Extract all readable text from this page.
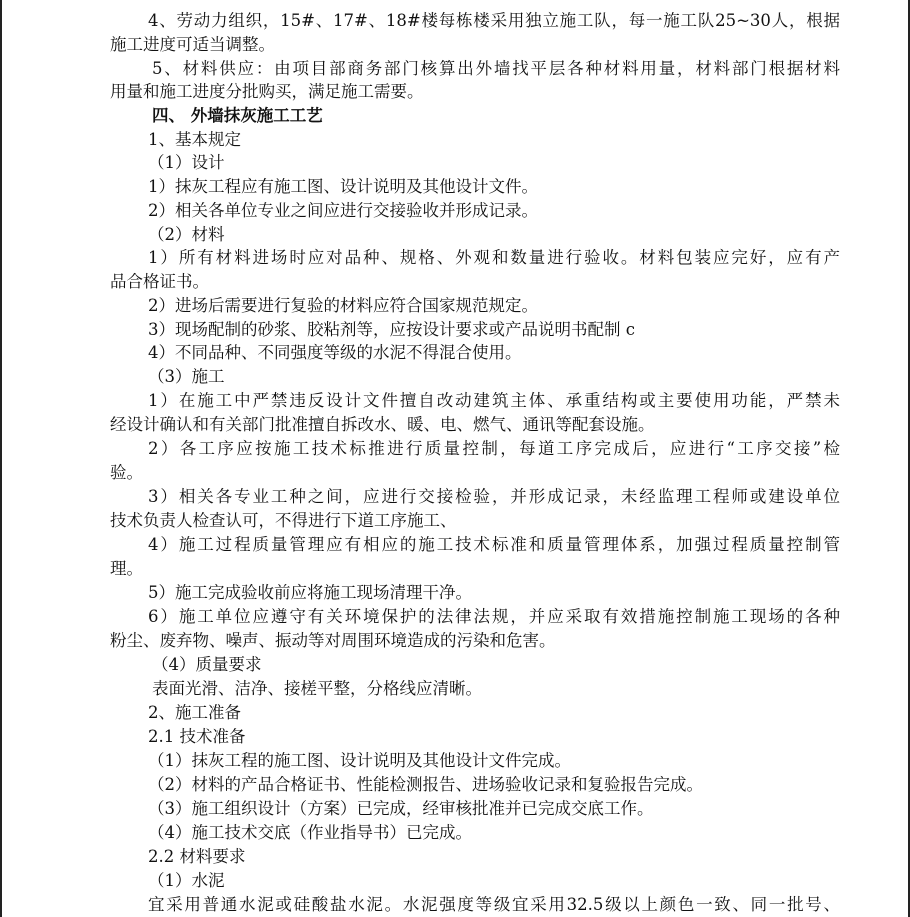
4、劳动力组织，15#、17#、18#楼每栋楼采用独立施工队，每一施工队25~30人，根据
施工进度可适当调整。
5、材料供应：由项目部商务部门核算出外墙找平层各种材料用量，材料部门根据材料
用量和施工进度分批购买，满足施工需要。
四、 外墙抹灰施工工艺
1、基本规定
（1）设计
1）抹灰工程应有施工图、设计说明及其他设计文件。
2）相关各单位专业之间应进行交接验收并形成记录。
（2）材料
1）所有材料进场时应对品种、规格、外观和数量进行验收。材料包装应完好，应有产
品合格证书。
2）进场后需要进行复验的材料应符合国家规范规定。
3）现场配制的砂浆、胶粘剂等，应按设计要求或产品说明书配制 c
4）不同品种、不同强度等级的水泥不得混合使用。
（3）施工
1）在施工中严禁违反设计文件擅自改动建筑主体、承重结构或主要使用功能，严禁未
经设计确认和有关部门批准擅自拆改水、暖、电、燃气、通讯等配套设施。
2）各工序应按施工技术标推进行质量控制，每道工序完成后，应进行“工序交接”检
验。
3）相关各专业工种之间，应进行交接检验，并形成记录，未经监理工程师或建设单位
技术负责人检查认可，不得进行下道工序施工、
4）施工过程质量管理应有相应的施工技术标准和质量管理体系，加强过程质量控制管
理。
5）施工完成验收前应将施工现场清理干净。
6）施工单位应遵守有关环境保护的法律法规，并应采取有效措施控制施工现场的各种
粉尘、废弃物、噪声、振动等对周围环境造成的污染和危害。
（4）质量要求
表面光滑、洁净、接槎平整，分格线应清晰。
2、施工准备
2.1 技术准备
（1）抹灰工程的施工图、设计说明及其他设计文件完成。
（2）材料的产品合格证书、性能检测报告、进场验收记录和复验报告完成。
（3）施工组织设计（方案）已完成，经审核批准并已完成交底工作。
（4）施工技术交底（作业指导书）已完成。
2.2 材料要求
（1）水泥
宜采用普通水泥或硅酸盐水泥。水泥强度等级宜采用32.5级以上颜色一致、同一批号、
